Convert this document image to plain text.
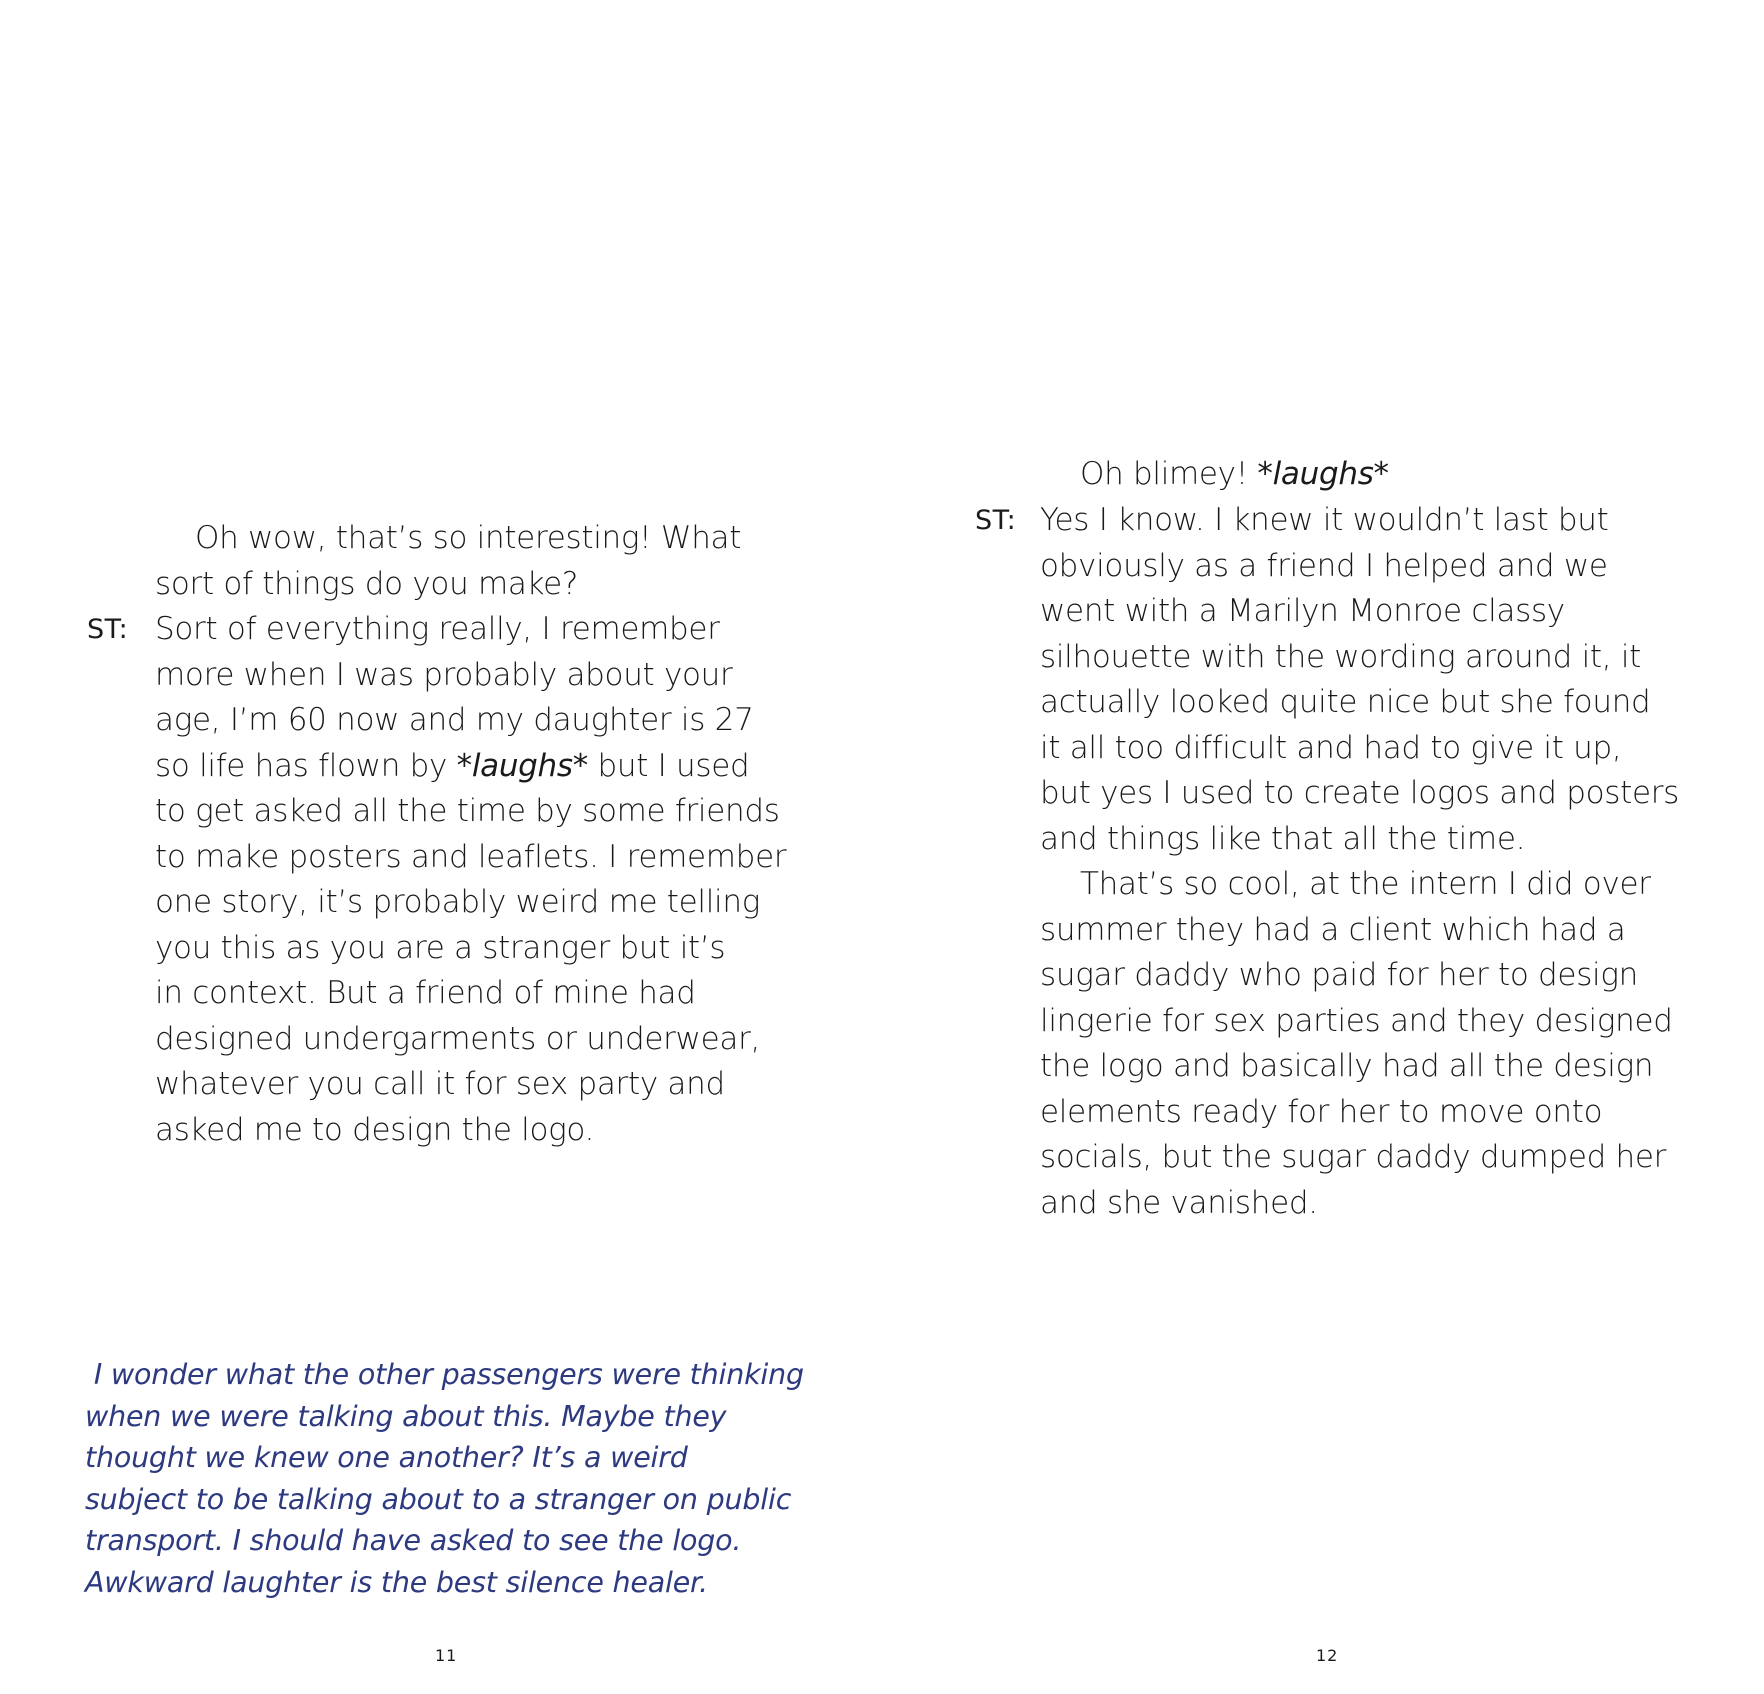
Oh wow, that’s so interesting! What
sort of things do you make?
ST: Sort of everything really, I remember
more when I was probably about your
age, I’m 60 now and my daughter is 27
so life has flown by *laughs* but I used
to get asked all the time by some friends
to make posters and leaflets. I remember
one story, it’s probably weird me telling
you this as you are a stranger but it’s
in context. But a friend of mine had
designed undergarments or underwear,
whatever you call it for sex party and
asked me to design the logo.
I wonder what the other passengers were thinking
when we were talking about this. Maybe they
thought we knew one another? It’s a weird
subject to be talking about to a stranger on public
transport. I should have asked to see the logo.
Awkward laughter is the best silence healer.
11
Oh blimey! *laughs*
ST: Yes I know. I knew it wouldn’t last but
obviously as a friend I helped and we
went with a Marilyn Monroe classy
silhouette with the wording around it, it
actually looked quite nice but she found
it all too difficult and had to give it up,
but yes I used to create logos and posters
and things like that all the time.
That’s so cool, at the intern I did over
summer they had a client which had a
sugar daddy who paid for her to design
lingerie for sex parties and they designed
the logo and basically had all the design
elements ready for her to move onto
socials, but the sugar daddy dumped her
and she vanished.
12
